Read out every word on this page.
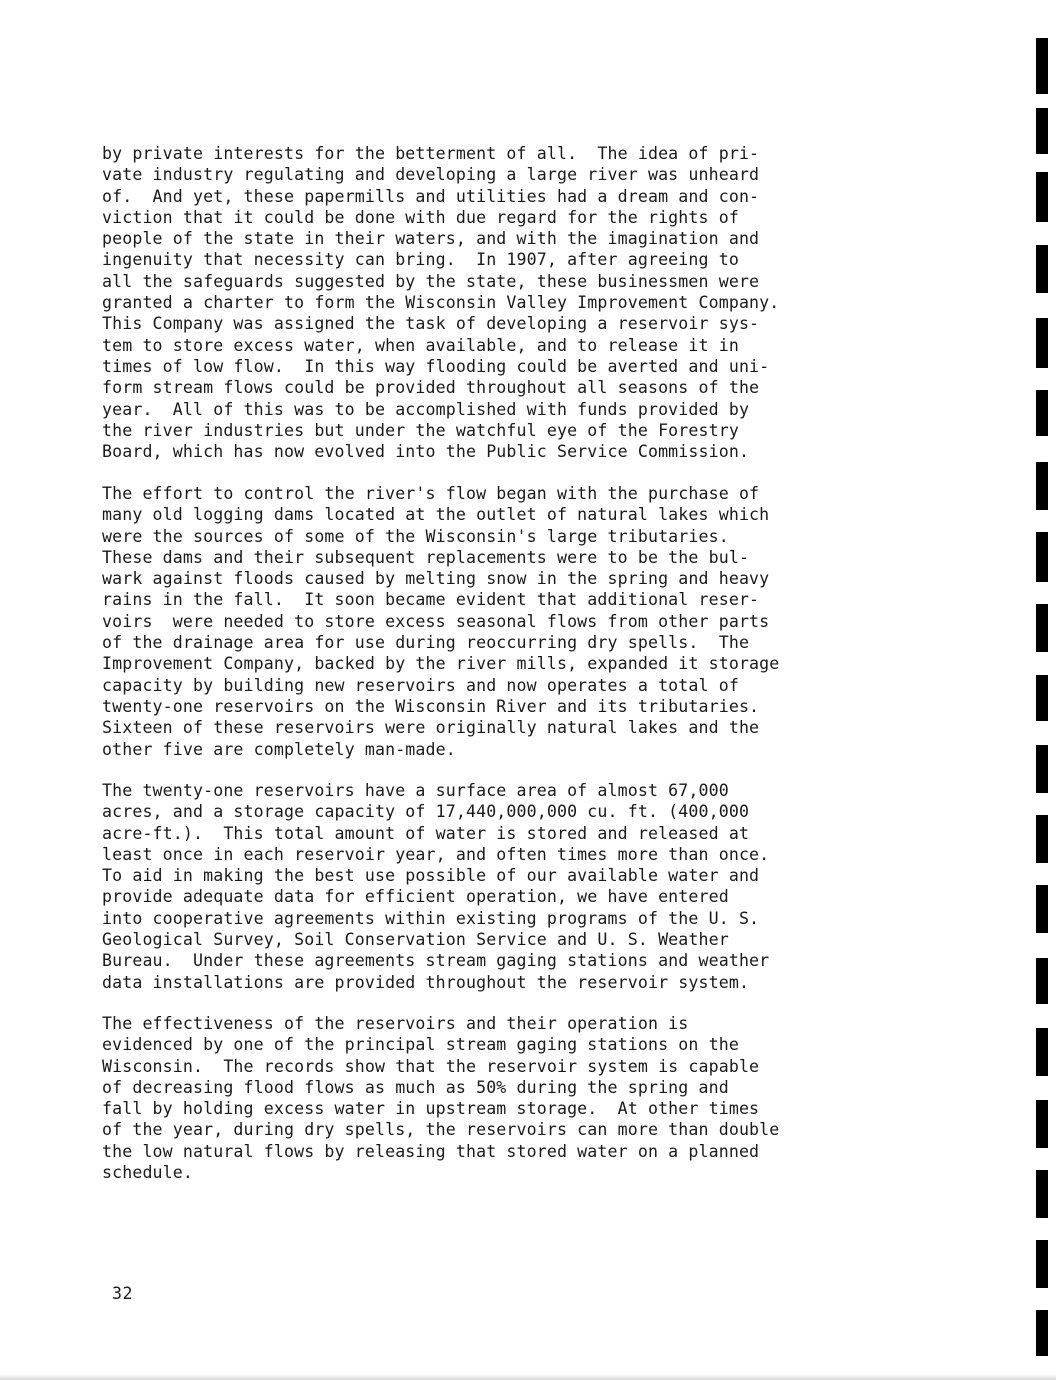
by private interests for the betterment of all.  The idea of pri-
vate industry regulating and developing a large river was unheard
of.  And yet, these papermills and utilities had a dream and con-
viction that it could be done with due regard for the rights of
people of the state in their waters, and with the imagination and
ingenuity that necessity can bring.  In 1907, after agreeing to
all the safeguards suggested by the state, these businessmen were
granted a charter to form the Wisconsin Valley Improvement Company.
This Company was assigned the task of developing a reservoir sys-
tem to store excess water, when available, and to release it in
times of low flow.  In this way flooding could be averted and uni-
form stream flows could be provided throughout all seasons of the
year.  All of this was to be accomplished with funds provided by
the river industries but under the watchful eye of the Forestry
Board, which has now evolved into the Public Service Commission.

The effort to control the river's flow began with the purchase of
many old logging dams located at the outlet of natural lakes which
were the sources of some of the Wisconsin's large tributaries.
These dams and their subsequent replacements were to be the bul-
wark against floods caused by melting snow in the spring and heavy
rains in the fall.  It soon became evident that additional reser-
voirs  were needed to store excess seasonal flows from other parts
of the drainage area for use during reoccurring dry spells.  The
Improvement Company, backed by the river mills, expanded it storage
capacity by building new reservoirs and now operates a total of
twenty-one reservoirs on the Wisconsin River and its tributaries.
Sixteen of these reservoirs were originally natural lakes and the
other five are completely man-made.

The twenty-one reservoirs have a surface area of almost 67,000
acres, and a storage capacity of 17,440,000,000 cu. ft. (400,000
acre-ft.).  This total amount of water is stored and released at
least once in each reservoir year, and often times more than once.
To aid in making the best use possible of our available water and
provide adequate data for efficient operation, we have entered
into cooperative agreements within existing programs of the U. S.
Geological Survey, Soil Conservation Service and U. S. Weather
Bureau.  Under these agreements stream gaging stations and weather
data installations are provided throughout the reservoir system.

The effectiveness of the reservoirs and their operation is
evidenced by one of the principal stream gaging stations on the
Wisconsin.  The records show that the reservoir system is capable
of decreasing flood flows as much as 50% during the spring and
fall by holding excess water in upstream storage.  At other times
of the year, during dry spells, the reservoirs can more than double
the low natural flows by releasing that stored water on a planned
schedule.

32
